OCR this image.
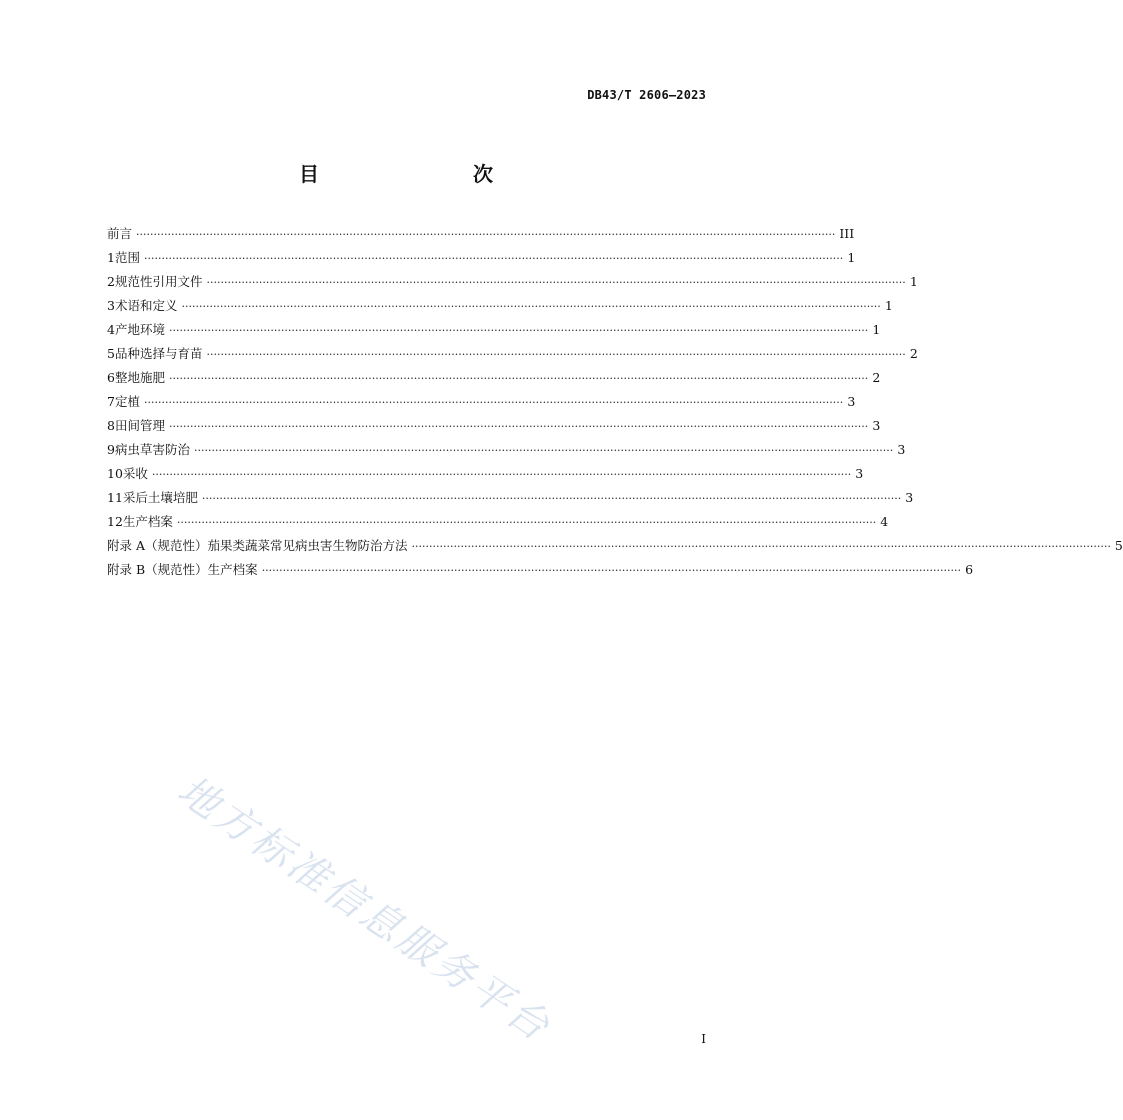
DB43/T 2606—2023
目　　次
前言 ········································································································································································································ III
1 范围 ········································································································································································································ 1
2 规范性引用文件 ········································································································································································································ 1
3 术语和定义 ········································································································································································································ 1
4 产地环境 ········································································································································································································ 1
5 品种选择与育苗 ········································································································································································································ 2
6 整地施肥 ········································································································································································································ 2
7 定植 ········································································································································································································ 3
8 田间管理 ········································································································································································································ 3
9 病虫草害防治 ········································································································································································································ 3
10 采收 ········································································································································································································ 3
11 采后土壤培肥 ········································································································································································································ 3
12 生产档案 ········································································································································································································ 4
附录 A（规范性） 茄果类蔬菜常见病虫害生物防治方法 ········································································································································································································ 5
附录 B（规范性） 生产档案 ········································································································································································································ 6
地方标准信息服务平台	I
